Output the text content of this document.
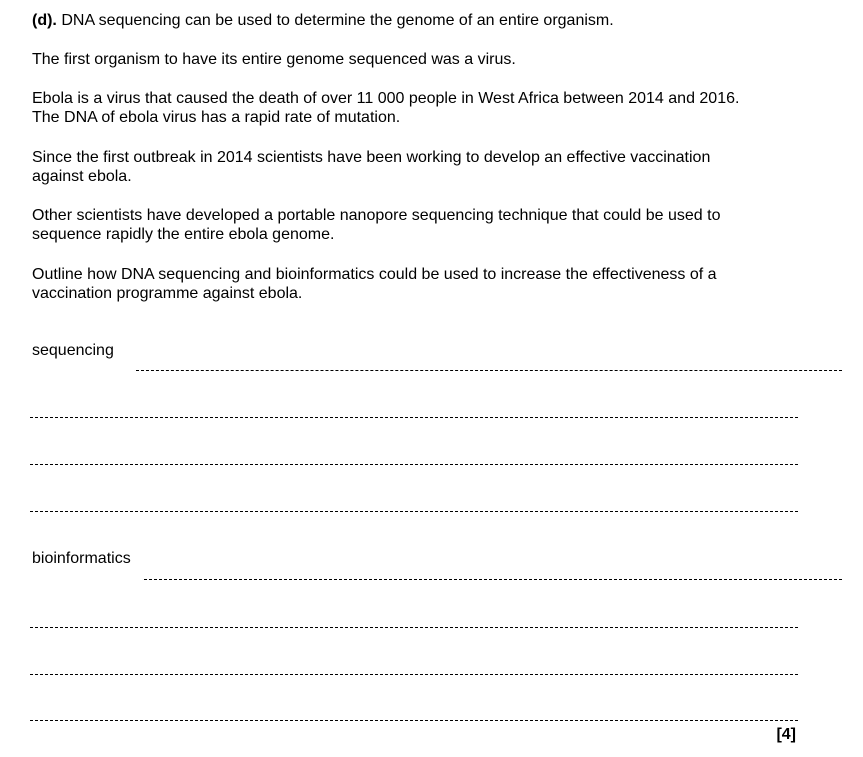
(d). DNA sequencing can be used to determine the genome of an entire organism.

The first organism to have its entire genome sequenced was a virus.

Ebola is a virus that caused the death of over 11 000 people in West Africa between 2014 and 2016.
The DNA of ebola virus has a rapid rate of mutation.

Since the first outbreak in 2014 scientists have been working to develop an effective vaccination
against ebola.

Other scientists have developed a portable nanopore sequencing technique that could be used to
sequence rapidly the entire ebola genome.

Outline how DNA sequencing and bioinformatics could be used to increase the effectiveness of a
vaccination programme against ebola.

sequencing
bioinformatics
[4]
